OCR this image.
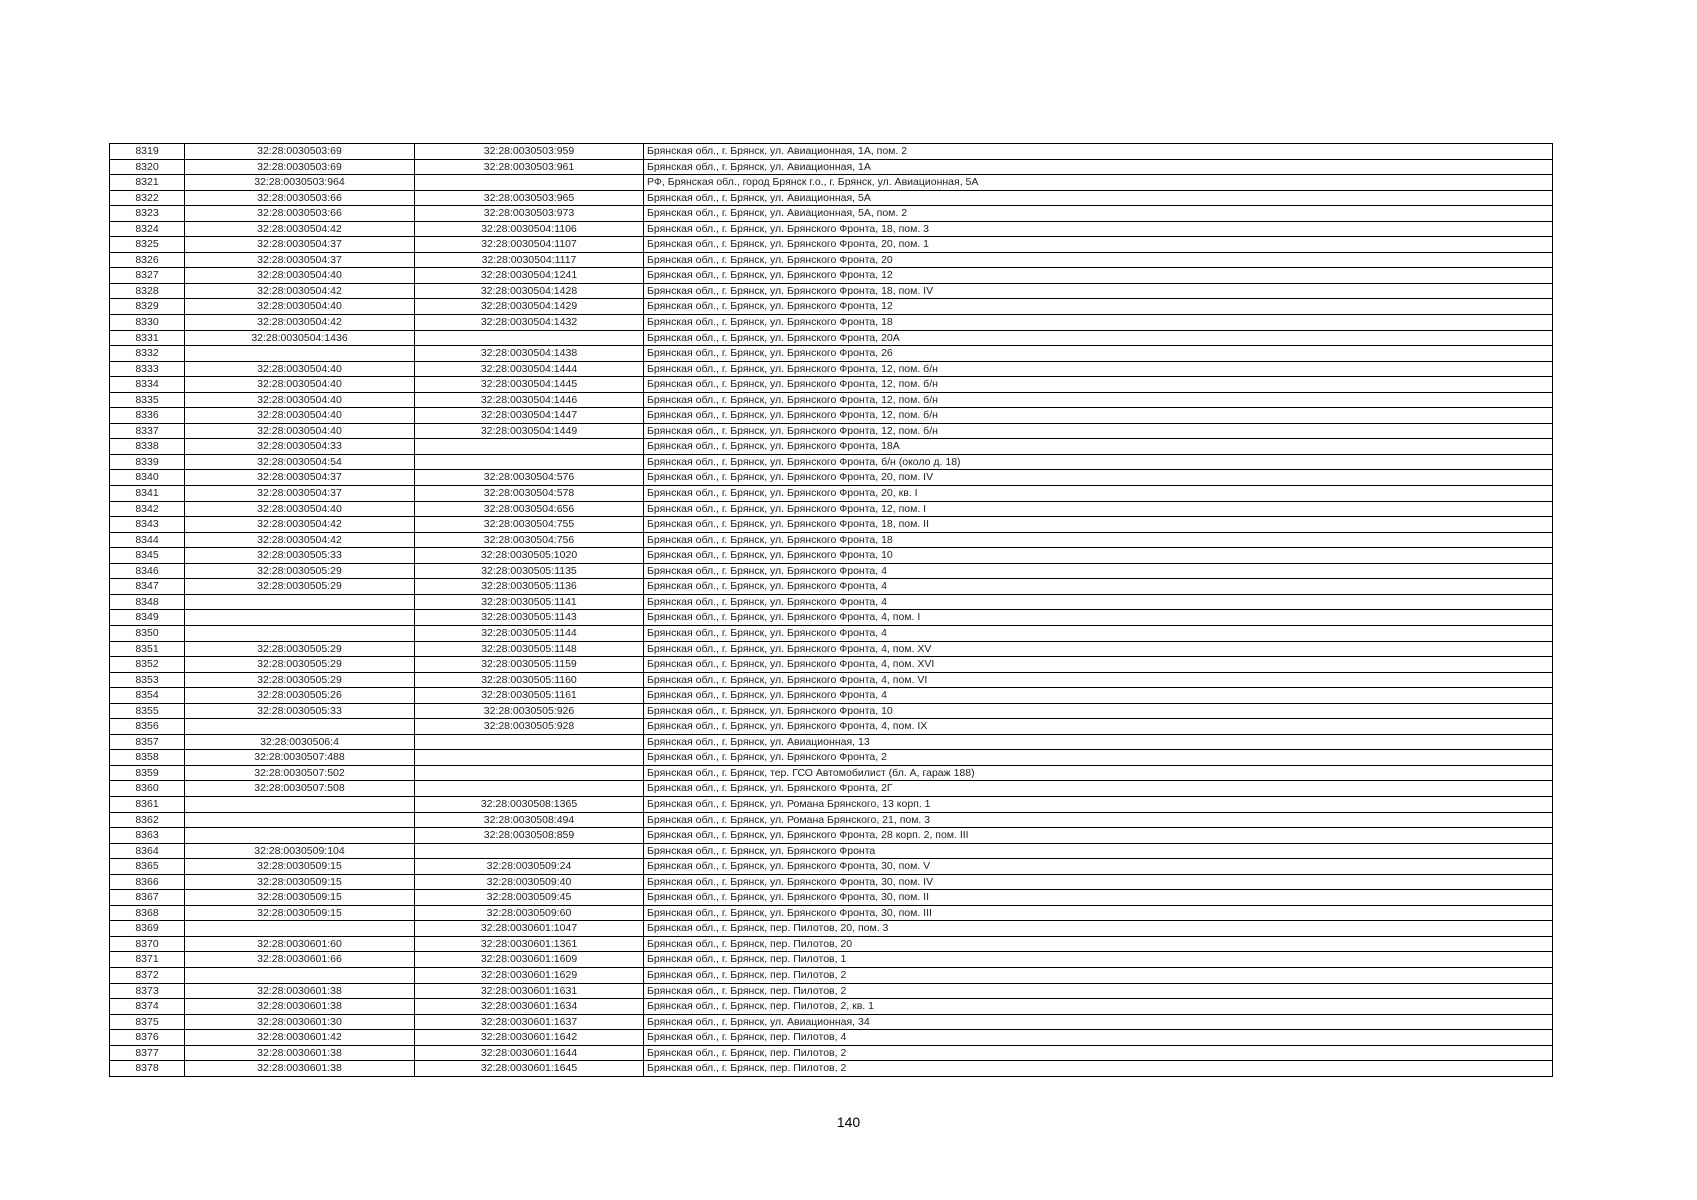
8319	32:28:0030503:69	32:28:0030503:959	Брянская обл., г. Брянск, ул. Авиационная, 1А, пом. 2
8320	32:28:0030503:69	32:28:0030503:961	Брянская обл., г. Брянск, ул. Авиационная, 1А
8321	32:28:0030503:964		РФ, Брянская обл., город Брянск г.о., г. Брянск, ул. Авиационная, 5А
8322	32:28:0030503:66	32:28:0030503:965	Брянская обл., г. Брянск, ул. Авиационная, 5А
8323	32:28:0030503:66	32:28:0030503:973	Брянская обл., г. Брянск, ул. Авиационная, 5А, пом. 2
8324	32:28:0030504:42	32:28:0030504:1106	Брянская обл., г. Брянск, ул. Брянского Фронта, 18, пом. 3
8325	32:28:0030504:37	32:28:0030504:1107	Брянская обл., г. Брянск, ул. Брянского Фронта, 20, пом. 1
8326	32:28:0030504:37	32:28:0030504:1117	Брянская обл., г. Брянск, ул. Брянского Фронта, 20
8327	32:28:0030504:40	32:28:0030504:1241	Брянская обл., г. Брянск, ул. Брянского Фронта, 12
8328	32:28:0030504:42	32:28:0030504:1428	Брянская обл., г. Брянск, ул. Брянского Фронта, 18, пом. IV
8329	32:28:0030504:40	32:28:0030504:1429	Брянская обл., г. Брянск, ул. Брянского Фронта, 12
8330	32:28:0030504:42	32:28:0030504:1432	Брянская обл., г. Брянск, ул. Брянского Фронта, 18
8331	32:28:0030504:1436		Брянская обл., г. Брянск, ул. Брянского Фронта, 20А
8332		32:28:0030504:1438	Брянская обл., г. Брянск, ул. Брянского Фронта, 26
8333	32:28:0030504:40	32:28:0030504:1444	Брянская обл., г. Брянск, ул. Брянского Фронта, 12, пом. б/н
8334	32:28:0030504:40	32:28:0030504:1445	Брянская обл., г. Брянск, ул. Брянского Фронта, 12, пом. б/н
8335	32:28:0030504:40	32:28:0030504:1446	Брянская обл., г. Брянск, ул. Брянского Фронта, 12, пом. б/н
8336	32:28:0030504:40	32:28:0030504:1447	Брянская обл., г. Брянск, ул. Брянского Фронта, 12, пом. б/н
8337	32:28:0030504:40	32:28:0030504:1449	Брянская обл., г. Брянск, ул. Брянского Фронта, 12, пом. б/н
8338	32:28:0030504:33		Брянская обл., г. Брянск, ул. Брянского Фронта, 18А
8339	32:28:0030504:54		Брянская обл., г. Брянск, ул. Брянского Фронта, б/н (около д. 18)
8340	32:28:0030504:37	32:28:0030504:576	Брянская обл., г. Брянск, ул. Брянского Фронта, 20, пом. IV
8341	32:28:0030504:37	32:28:0030504:578	Брянская обл., г. Брянск, ул. Брянского Фронта, 20, кв. I
8342	32:28:0030504:40	32:28:0030504:656	Брянская обл., г. Брянск, ул. Брянского Фронта, 12, пом. I
8343	32:28:0030504:42	32:28:0030504:755	Брянская обл., г. Брянск, ул. Брянского Фронта, 18, пом. II
8344	32:28:0030504:42	32:28:0030504:756	Брянская обл., г. Брянск, ул. Брянского Фронта, 18
8345	32:28:0030505:33	32:28:0030505:1020	Брянская обл., г. Брянск, ул. Брянского Фронта, 10
8346	32:28:0030505:29	32:28:0030505:1135	Брянская обл., г. Брянск, ул. Брянского Фронта, 4
8347	32:28:0030505:29	32:28:0030505:1136	Брянская обл., г. Брянск, ул. Брянского Фронта, 4
8348		32:28:0030505:1141	Брянская обл., г. Брянск, ул. Брянского Фронта, 4
8349		32:28:0030505:1143	Брянская обл., г. Брянск, ул. Брянского Фронта, 4, пом. I
8350		32:28:0030505:1144	Брянская обл., г. Брянск, ул. Брянского Фронта, 4
8351	32:28:0030505:29	32:28:0030505:1148	Брянская обл., г. Брянск, ул. Брянского Фронта, 4, пом. XV
8352	32:28:0030505:29	32:28:0030505:1159	Брянская обл., г. Брянск, ул. Брянского Фронта, 4, пом. XVI
8353	32:28:0030505:29	32:28:0030505:1160	Брянская обл., г. Брянск, ул. Брянского Фронта, 4, пом. VI
8354	32:28:0030505:26	32:28:0030505:1161	Брянская обл., г. Брянск, ул. Брянского Фронта, 4
8355	32:28:0030505:33	32:28:0030505:926	Брянская обл., г. Брянск, ул. Брянского Фронта, 10
8356		32:28:0030505:928	Брянская обл., г. Брянск, ул. Брянского Фронта, 4, пом. IX
8357	32:28:0030506:4		Брянская обл., г. Брянск, ул. Авиационная, 13
8358	32:28:0030507:488		Брянская обл., г. Брянск, ул. Брянского Фронта, 2
8359	32:28:0030507:502		Брянская обл., г. Брянск, тер. ГСО Автомобилист (бл. А, гараж 188)
8360	32:28:0030507:508		Брянская обл., г. Брянск, ул. Брянского Фронта, 2Г
8361		32:28:0030508:1365	Брянская обл., г. Брянск, ул. Романа Брянского, 13 корп. 1
8362		32:28:0030508:494	Брянская обл., г. Брянск, ул. Романа Брянского, 21, пом. 3
8363		32:28:0030508:859	Брянская обл., г. Брянск, ул. Брянского Фронта, 28 корп. 2, пом. III
8364	32:28:0030509:104		Брянская обл., г. Брянск, ул. Брянского Фронта
8365	32:28:0030509:15	32:28:0030509:24	Брянская обл., г. Брянск, ул. Брянского Фронта, 30, пом. V
8366	32:28:0030509:15	32:28:0030509:40	Брянская обл., г. Брянск, ул. Брянского Фронта, 30, пом. IV
8367	32:28:0030509:15	32:28:0030509:45	Брянская обл., г. Брянск, ул. Брянского Фронта, 30, пом. II
8368	32:28:0030509:15	32:28:0030509:60	Брянская обл., г. Брянск, ул. Брянского Фронта, 30, пом. III
8369		32:28:0030601:1047	Брянская обл., г. Брянск, пер. Пилотов, 20, пом. 3
8370	32:28:0030601:60	32:28:0030601:1361	Брянская обл., г. Брянск, пер. Пилотов, 20
8371	32:28:0030601:66	32:28:0030601:1609	Брянская обл., г. Брянск, пер. Пилотов, 1
8372		32:28:0030601:1629	Брянская обл., г. Брянск, пер. Пилотов, 2
8373	32:28:0030601:38	32:28:0030601:1631	Брянская обл., г. Брянск, пер. Пилотов, 2
8374	32:28:0030601:38	32:28:0030601:1634	Брянская обл., г. Брянск, пер. Пилотов, 2, кв. 1
8375	32:28:0030601:30	32:28:0030601:1637	Брянская обл., г. Брянск, ул. Авиационная, 34
8376	32:28:0030601:42	32:28:0030601:1642	Брянская обл., г. Брянск, пер. Пилотов, 4
8377	32:28:0030601:38	32:28:0030601:1644	Брянская обл., г. Брянск, пер. Пилотов, 2
8378	32:28:0030601:38	32:28:0030601:1645	Брянская обл., г. Брянск, пер. Пилотов, 2
140
